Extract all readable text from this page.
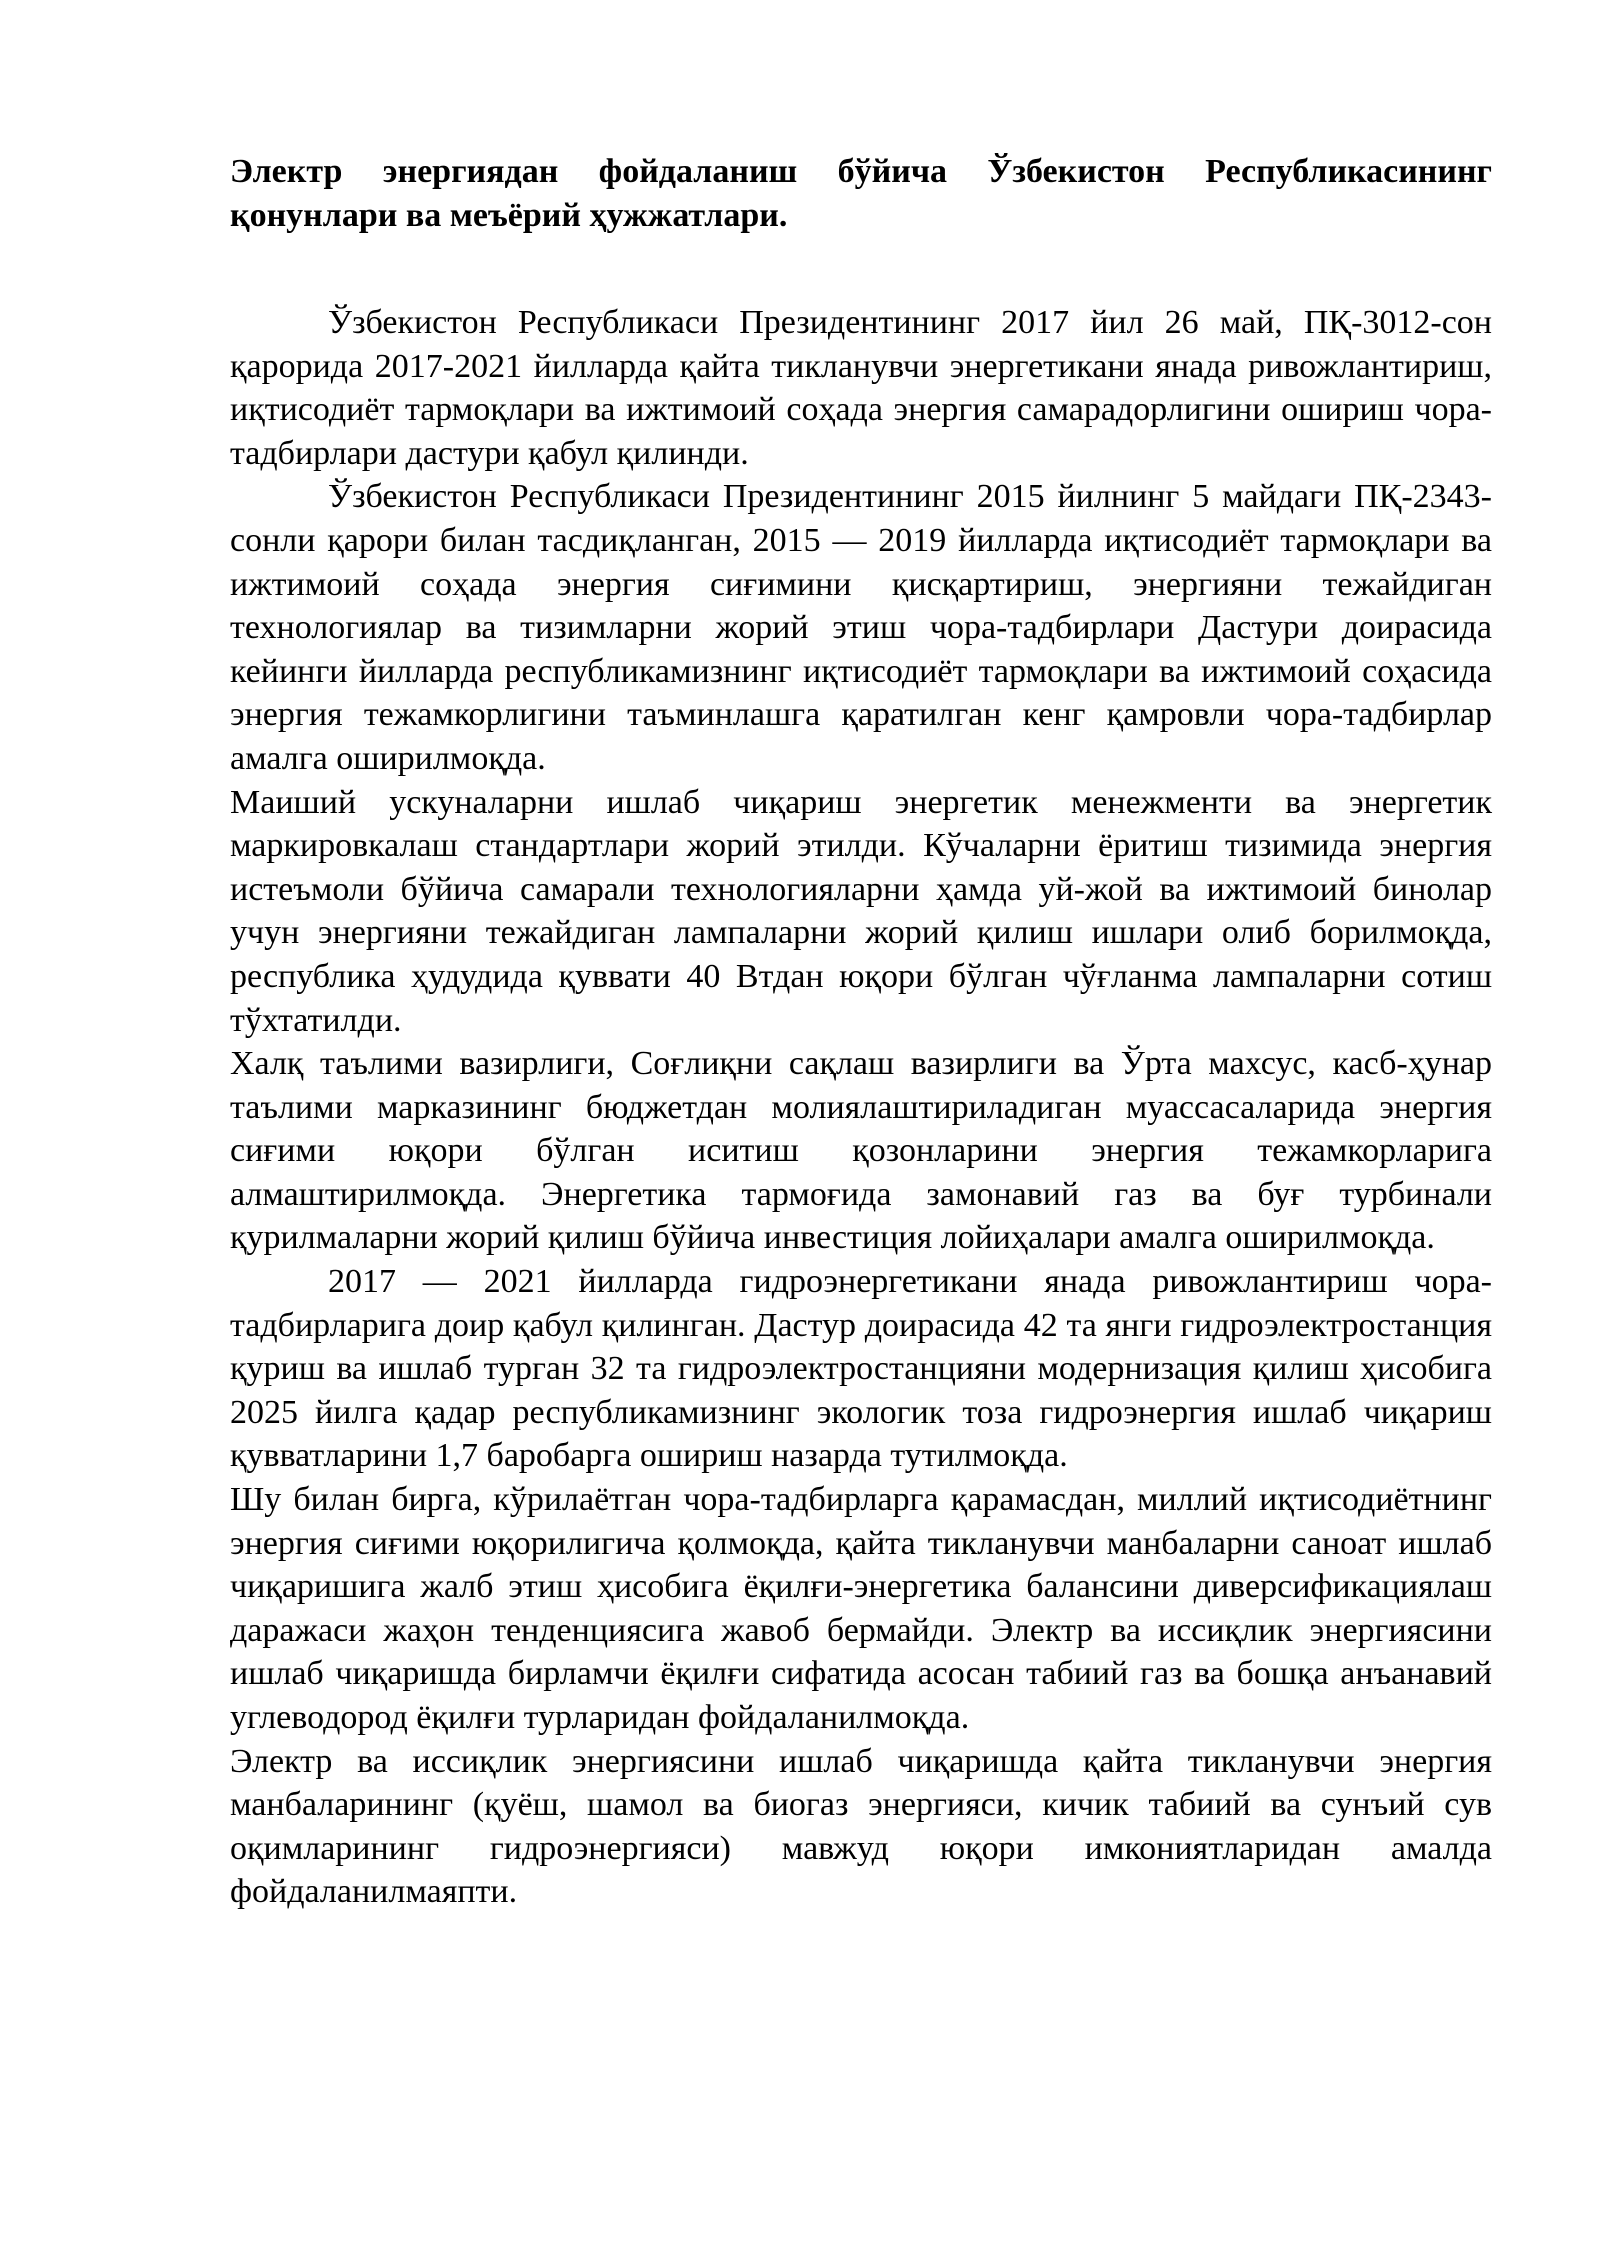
Электр энергиядан фойдаланиш бўйича Ўзбекистон Республикасининг қонунлари ва меъёрий ҳужжатлари.

Ўзбекистон Республикаси Президентининг 2017 йил 26 май, ПҚ-3012-сон қарорида 2017-2021 йилларда қайта тикланувчи энергетикани янада ривожлантириш, иқтисодиёт тармоқлари ва ижтимоий соҳада энергия самарадорлигини ошириш чора-тадбирлари дастури қабул қилинди.

Ўзбекистон Республикаси Президентининг 2015 йилнинг 5 майдаги ПҚ-2343-сонли қарори билан тасдиқланган, 2015 — 2019 йилларда иқтисодиёт тармоқлари ва ижтимоий соҳада энергия сиғимини қисқартириш, энергияни тежайдиган технологиялар ва тизимларни жорий этиш чора-тадбирлари Дастури доирасида кейинги йилларда республикамизнинг иқтисодиёт тармоқлари ва ижтимоий соҳасида энергия тежамкорлигини таъминлашга қаратилган кенг қамровли чора-тадбирлар амалга оширилмоқда.

Маиший ускуналарни ишлаб чиқариш энергетик менежменти ва энергетик маркировкалаш стандартлари жорий этилди. Кўчаларни ёритиш тизимида энергия истеъмоли бўйича самарали технологияларни ҳамда уй-жой ва ижтимоий бинолар учун энергияни тежайдиган лампаларни жорий қилиш ишлари олиб борилмоқда, республика ҳудудида қуввати 40 Втдан юқори бўлган чўғланма лампаларни сотиш тўхтатилди.

Халқ таълими вазирлиги, Соғлиқни сақлаш вазирлиги ва Ўрта махсус, касб-ҳунар таълими марказининг бюджетдан молиялаштириладиган муассасаларида энергия сиғими юқори бўлган иситиш қозонларини энергия тежамкорларига алмаштирилмоқда. Энергетика тармоғида замонавий газ ва буғ турбинали қурилмаларни жорий қилиш бўйича инвестиция лойиҳалари амалга оширилмоқда.

2017 — 2021 йилларда гидроэнергетикани янада ривожлантириш чора-тадбирларига доир қабул қилинган. Дастур доирасида 42 та янги гидроэлектростанция қуриш ва ишлаб турган 32 та гидроэлектростанцияни модернизация қилиш ҳисобига 2025 йилга қадар республикамизнинг экологик тоза гидроэнергия ишлаб чиқариш қувватларини 1,7 баробарга ошириш назарда тутилмоқда.

Шу билан бирга, кўрилаётган чора-тадбирларга қарамасдан, миллий иқтисодиётнинг энергия сиғими юқорилигича қолмоқда, қайта тикланувчи манбаларни саноат ишлаб чиқаришига жалб этиш ҳисобига ёқилғи-энергетика балансини диверсификациялаш даражаси жаҳон тенденциясига жавоб бермайди. Электр ва иссиқлик энергиясини ишлаб чиқаришда бирламчи ёқилғи сифатида асосан табиий газ ва бошқа анъанавий углеводород ёқилғи турларидан фойдаланилмоқда.

Электр ва иссиқлик энергиясини ишлаб чиқаришда қайта тикланувчи энергия манбаларининг (қуёш, шамол ва биогаз энергияси, кичик табиий ва сунъий сув оқимларининг гидроэнергияси) мавжуд юқори имкониятларидан амалда фойдаланилмаяпти.
